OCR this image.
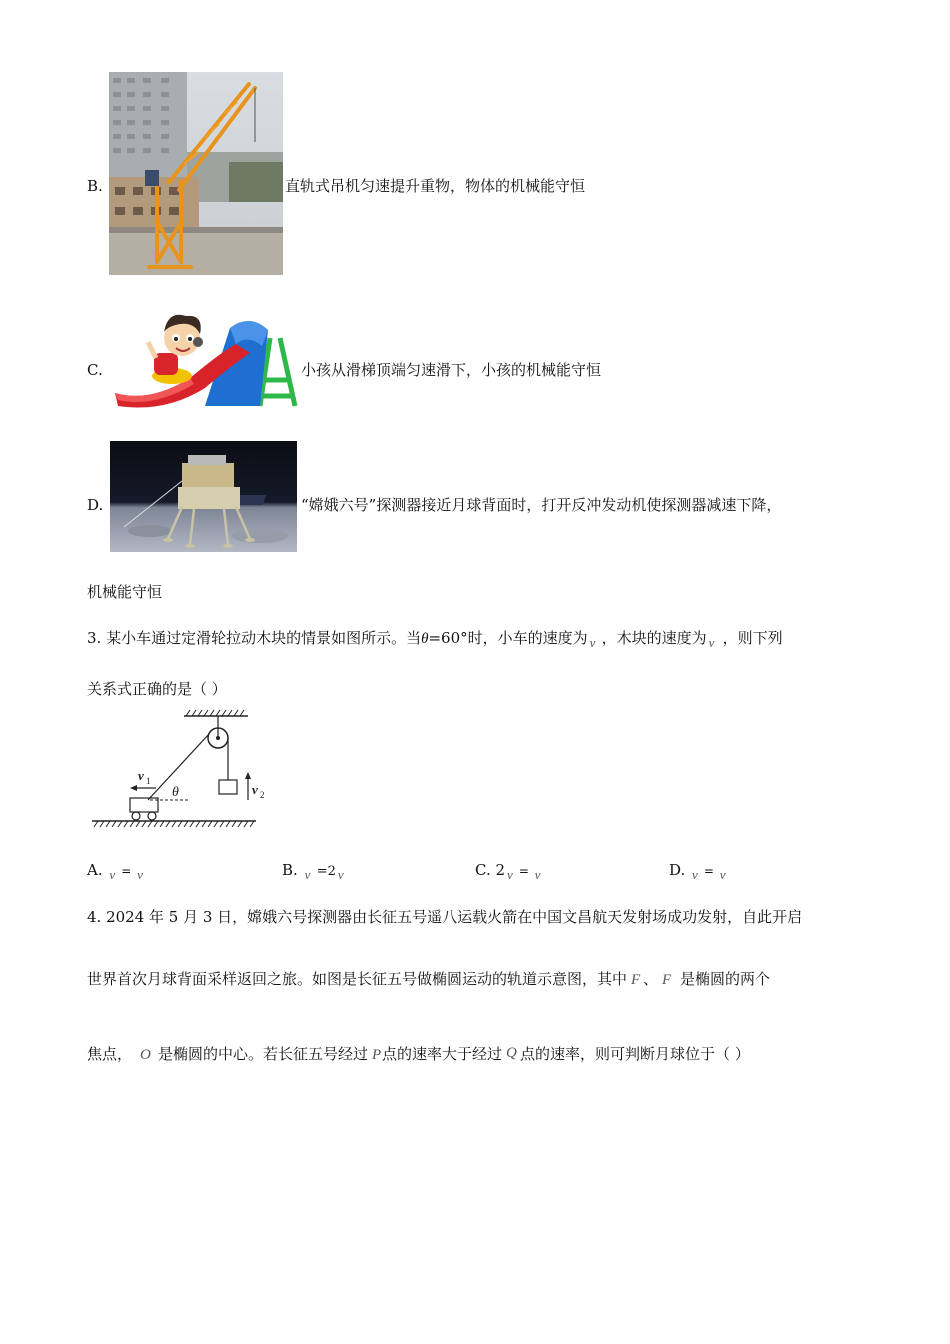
B.	直轨式吊机匀速提升重物，物体的机械能守恒
C.	小孩从滑梯顶端匀速滑下，小孩的机械能守恒
D.	“嫦娥六号”探测器接近月球背面时，打开反冲发动机使探测器减速下降，
机械能守恒
3. 某小车通过定滑轮拉动木块的情景如图所示。当θ=60°时，小车的速度为 v ，木块的速度为 v ，则下列
关系式正确的是（ ）
v 2
θ
v 1
A. v = v	B. v =2 v	C. 2 v = v	D. v = v
4. 2024 年 5 月 3 日，嫦娥六号探测器由长征五号遥八运载火箭在中国文昌航天发射场成功发射，自此开启
世界首次月球背面采样返回之旅。如图是长征五号做椭圆运动的轨道示意图，其中 F 、 F 是椭圆的两个
焦点， O 是椭圆的中心。若长征五号经过 P 点的速率大于经过 Q 点的速率，则可判断月球位于（ ）
